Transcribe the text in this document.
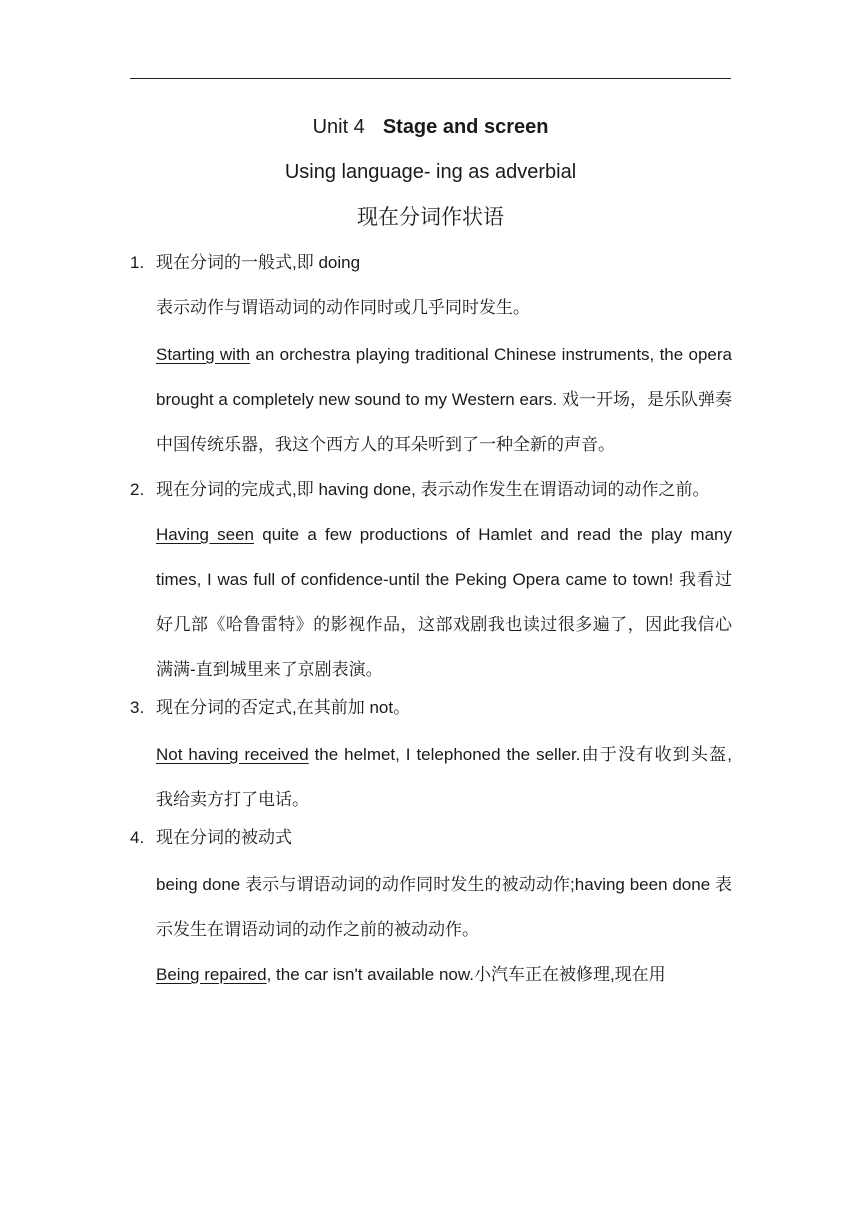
Unit 4 Stage and screen
Using language- ing as adverbial
现在分词作状语
1. 现在分词的一般式,即 doing
表示动作与谓语动词的动作同时或几乎同时发生。
Starting with an orchestra playing traditional Chinese instruments, the opera brought a completely new sound to my Western ears. 戏一开场，是乐队弹奏中国传统乐器，我这个西方人的耳朵听到了一种全新的声音。
2. 现在分词的完成式,即 having done, 表示动作发生在谓语动词的动作之前。
Having seen quite a few productions of Hamlet and read the play many times, I was full of confidence-until the Peking Opera came to town! 我看过好几部《哈鲁雷特》的影视作品，这部戏剧我也读过很多遍了，因此我信心满满-直到城里来了京剧表演。
3. 现在分词的否定式,在其前加 not。
Not having received the helmet, I telephoned the seller.由于没有收到头盔, 我给卖方打了电话。
4. 现在分词的被动式
being done 表示与谓语动词的动作同时发生的被动动作;having been done 表示发生在谓语动词的动作之前的被动动作。
Being repaired, the car isn't available now.小汽车正在被修理,现在用
